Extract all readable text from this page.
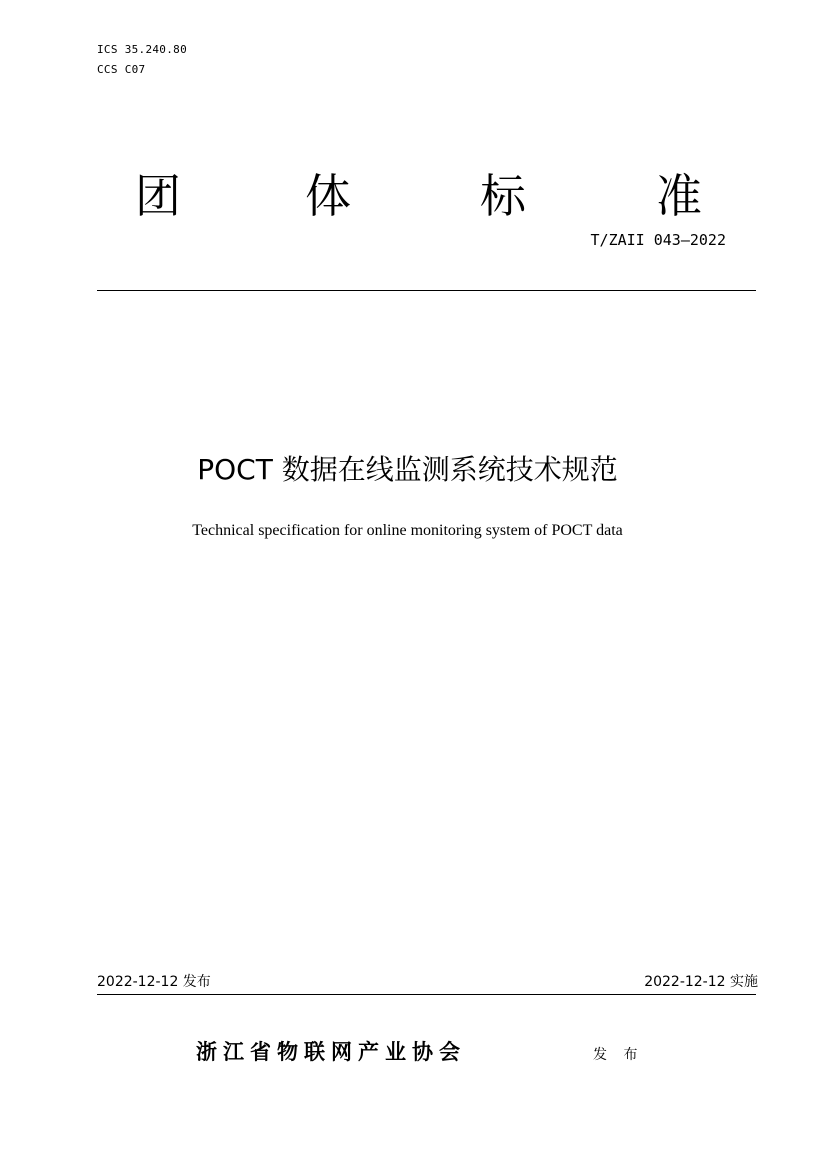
ICS 35.240.80
CCS C07
团	体	标	准
T/ZAII 043—2022
POCT 数据在线监测系统技术规范
Technical specification for online monitoring system of POCT data
2022-12-12 发布	2022-12-12 实施
浙江省物联网产业协会	发 布
